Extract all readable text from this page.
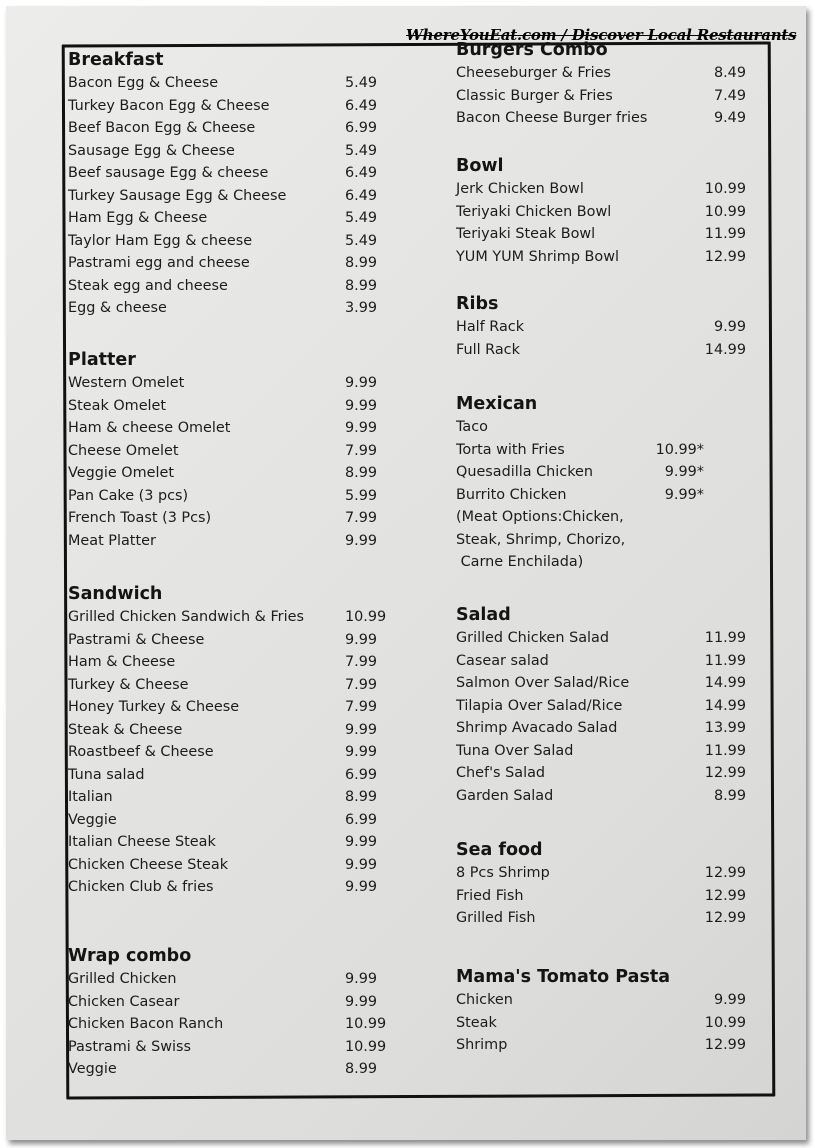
WhereYouEat.com / Discover Local Restaurants
Breakfast
Bacon Egg & Cheese	5.49
Turkey Bacon Egg & Cheese	6.49
Beef Bacon Egg & Cheese	6.99
Sausage Egg & Cheese	5.49
Beef sausage Egg & cheese	6.49
Turkey Sausage Egg & Cheese	6.49
Ham Egg & Cheese	5.49
Taylor Ham Egg & cheese	5.49
Pastrami egg and cheese	8.99
Steak egg and cheese	8.99
Egg & cheese	3.99
Platter
Western Omelet	9.99
Steak Omelet	9.99
Ham & cheese Omelet	9.99
Cheese Omelet	7.99
Veggie Omelet	8.99
Pan Cake (3 pcs)	5.99
French Toast (3 Pcs)	7.99
Meat Platter	9.99
Sandwich
Grilled Chicken Sandwich & Fries	10.99
Pastrami & Cheese	9.99
Ham & Cheese	7.99
Turkey & Cheese	7.99
Honey Turkey & Cheese	7.99
Steak & Cheese	9.99
Roastbeef & Cheese	9.99
Tuna salad	6.99
Italian	8.99
Veggie	6.99
Italian Cheese Steak	9.99
Chicken Cheese Steak	9.99
Chicken Club & fries	9.99
Wrap combo
Grilled Chicken	9.99
Chicken Casear	9.99
Chicken Bacon Ranch	10.99
Pastrami & Swiss	10.99
Veggie	8.99
Burgers Combo
Cheeseburger & Fries	8.49
Classic Burger & Fries	7.49
Bacon Cheese Burger fries	9.49
Bowl
Jerk Chicken Bowl	10.99
Teriyaki Chicken Bowl	10.99
Teriyaki Steak Bowl	11.99
YUM YUM Shrimp Bowl	12.99
Ribs
Half Rack	9.99
Full Rack	14.99
Mexican
Taco
Torta with Fries	10.99*
Quesadilla Chicken	9.99*
Burrito Chicken	9.99*
(Meat Options:Chicken,
Steak, Shrimp, Chorizo,
Carne Enchilada)
Salad
Grilled Chicken Salad	11.99
Casear salad	11.99
Salmon Over Salad/Rice	14.99
Tilapia Over Salad/Rice	14.99
Shrimp Avacado Salad	13.99
Tuna Over Salad	11.99
Chef's Salad	12.99
Garden Salad	8.99
Sea food
8 Pcs Shrimp	12.99
Fried Fish	12.99
Grilled Fish	12.99
Mama's Tomato Pasta
Chicken	9.99
Steak	10.99
Shrimp	12.99
